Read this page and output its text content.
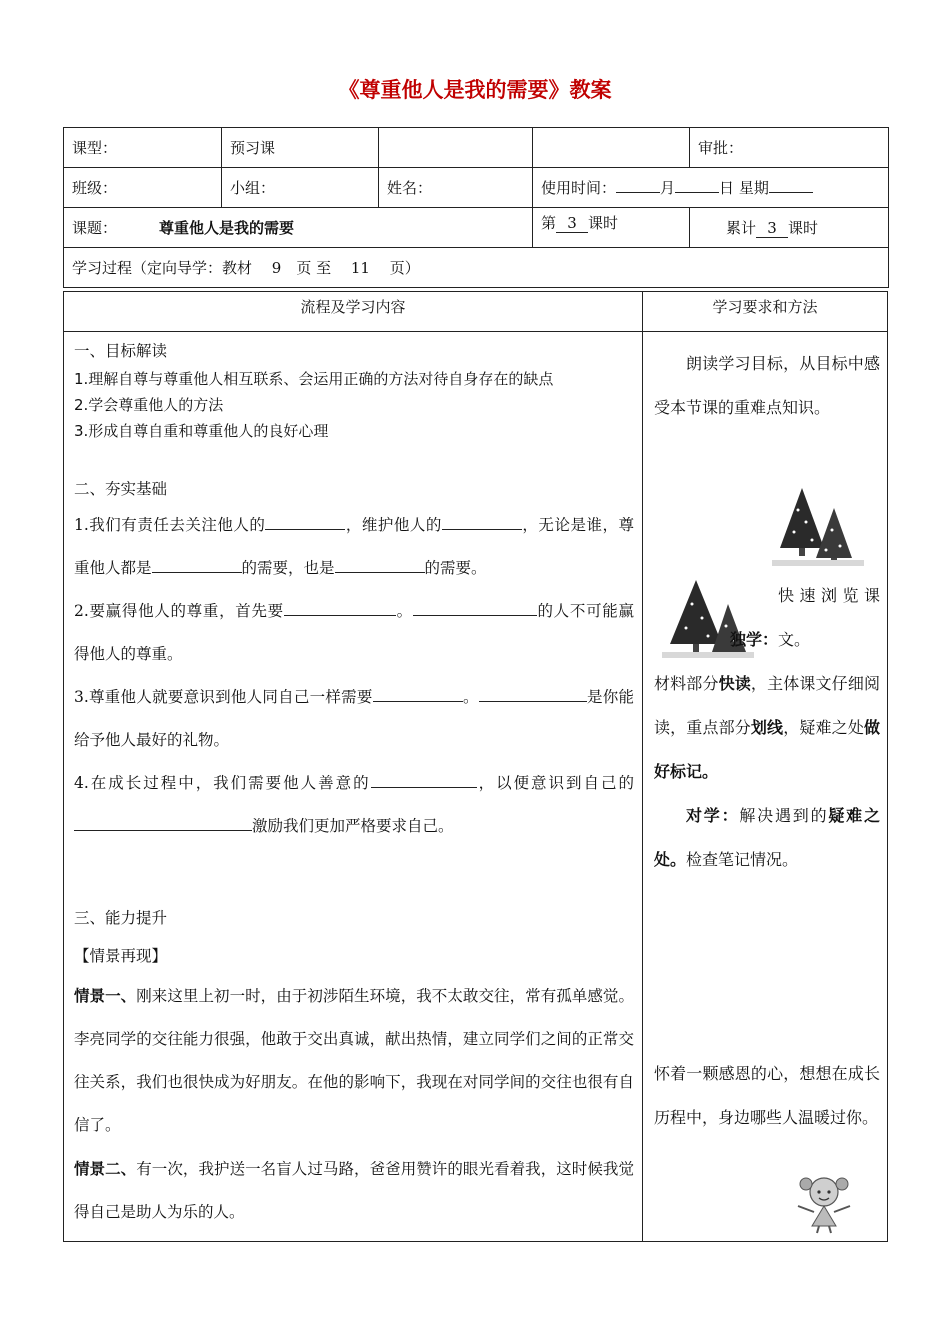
《尊重他人是我的需要》教案
课型：	预习课			审批：
班级：	小组：	姓名：	使用时间： 月 日 星期	
课题： 尊重他人是我的需要			第 3 课时	累计 3 课时
学习过程（定向导学：教材　 9　页 至　 11　 页）				
流程及学习内容	学习要求和方法

一、目标解读

1.理解自尊与尊重他人相互联系、会运用正确的方法对待自身存在的缺点

2.学会尊重他人的方法

3.形成自尊自重和尊重他人的良好心理

二、夯实基础

1.我们有责任去关注他人的	，维护他人的	，无论是谁，尊重他人都是	的需要，也是	的需要。

2.要赢得他人的尊重，首先要	。	的人不可能赢得他人的尊重。

3.尊重他人就要意识到他人同自己一样需要	。	是你能给予他人最好的礼物。

4.在成长过程中，我们需要他人善意的	，以便意识到自己的激励我们更加严格要求自己。

三、能力提升

【情景再现】

情景一、刚来这里上初一时，由于初涉陌生环境，我不太敢交往，常有孤单感觉。李亮同学的交往能力很强，他敢于交出真诚，献出热情，建立同学们之间的正常交往关系，我们也很快成为好朋友。在他的影响下，我现在对同学间的交往也很有自信了。

情景二、有一次，我护送一名盲人过马路，爸爸用赞许的眼光看着我，这时候我觉得自己是助人为乐的人。

朗读学习目标，从目标中感受本节课的重难点知识。
独学：快速浏览课文。
材料部分快读，主体课文仔细阅读，重点部分划线，疑难之处做好标记。
对学：解决遇到的疑难之处。检查笔记情况。
怀着一颗感恩的心，想想在成长历程中，身边哪些人温暖过你。
